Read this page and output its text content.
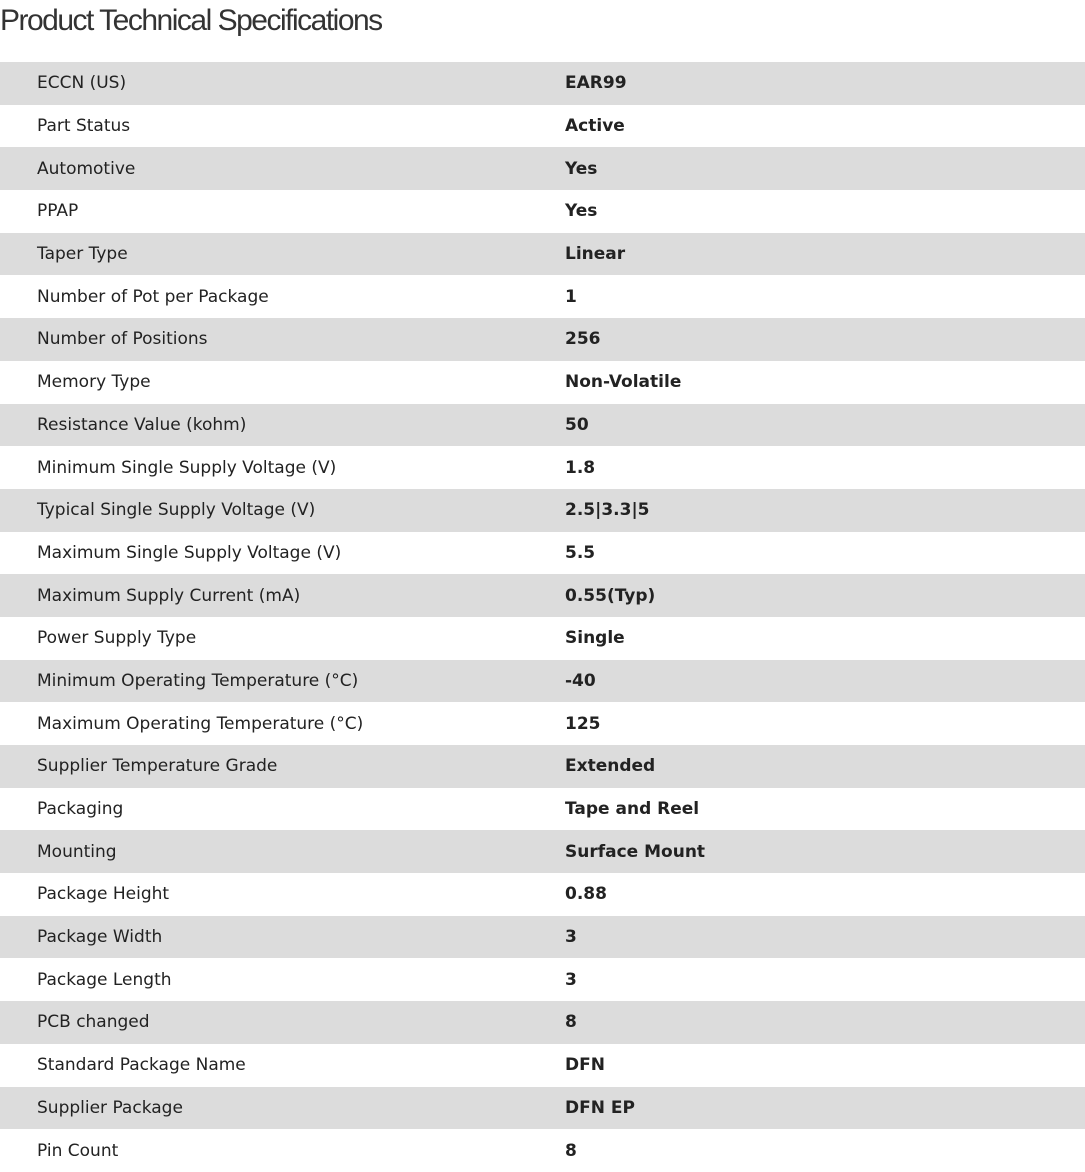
Product Technical Specifications
ECCN (US)	EAR99
Part Status	Active
Automotive	Yes
PPAP	Yes
Taper Type	Linear
Number of Pot per Package	1
Number of Positions	256
Memory Type	Non-Volatile
Resistance Value (kohm)	50
Minimum Single Supply Voltage (V)	1.8
Typical Single Supply Voltage (V)	2.5|3.3|5
Maximum Single Supply Voltage (V)	5.5
Maximum Supply Current (mA)	0.55(Typ)
Power Supply Type	Single
Minimum Operating Temperature (°C)	-40
Maximum Operating Temperature (°C)	125
Supplier Temperature Grade	Extended
Packaging	Tape and Reel
Mounting	Surface Mount
Package Height	0.88
Package Width	3
Package Length	3
PCB changed	8
Standard Package Name	DFN
Supplier Package	DFN EP
Pin Count	8
